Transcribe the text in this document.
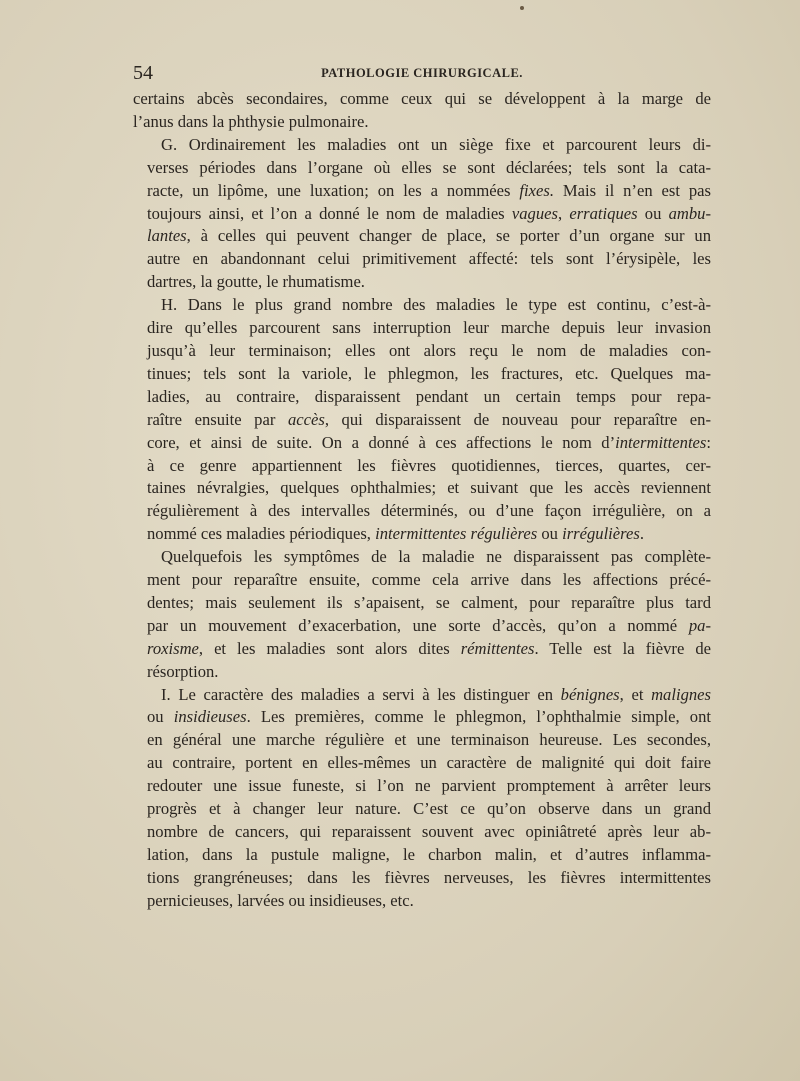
54	PATHOLOGIE CHIRURGICALE.
certains abcès secondaires, comme ceux qui se développent à la marge de
l’anus dans la phthysie pulmonaire.
G. Ordinairement les maladies ont un siège fixe et parcourent leurs di-
verses périodes dans l’organe où elles se sont déclarées; tels sont la cata-
racte, un lipôme, une luxation; on les a nommées fixes. Mais il n’en est pas
toujours ainsi, et l’on a donné le nom de maladies vagues, erratiques ou ambu-
lantes, à celles qui peuvent changer de place, se porter d’un organe sur un
autre en abandonnant celui primitivement affecté: tels sont l’érysipèle, les
dartres, la goutte, le rhumatisme.
H. Dans le plus grand nombre des maladies le type est continu, c’est-à-
dire qu’elles parcourent sans interruption leur marche depuis leur invasion
jusqu’à leur terminaison; elles ont alors reçu le nom de maladies con-
tinues; tels sont la variole, le phlegmon, les fractures, etc. Quelques ma-
ladies, au contraire, disparaissent pendant un certain temps pour repa-
raître ensuite par accès, qui disparaissent de nouveau pour reparaître en-
core, et ainsi de suite. On a donné à ces affections le nom d’intermittentes:
à ce genre appartiennent les fièvres quotidiennes, tierces, quartes, cer-
taines névralgies, quelques ophthalmies; et suivant que les accès reviennent
régulièrement à des intervalles déterminés, ou d’une façon irrégulière, on a
nommé ces maladies périodiques, intermittentes régulières ou irrégulières.
Quelquefois les symptômes de la maladie ne disparaissent pas complète-
ment pour reparaître ensuite, comme cela arrive dans les affections précé-
dentes; mais seulement ils s’apaisent, se calment, pour reparaître plus tard
par un mouvement d’exacerbation, une sorte d’accès, qu’on a nommé pa-
roxisme, et les maladies sont alors dites rémittentes. Telle est la fièvre de
résorption.
I. Le caractère des maladies a servi à les distinguer en bénignes, et malignes
ou insidieuses. Les premières, comme le phlegmon, l’ophthalmie simple, ont
en général une marche régulière et une terminaison heureuse. Les secondes,
au contraire, portent en elles-mêmes un caractère de malignité qui doit faire
redouter une issue funeste, si l’on ne parvient promptement à arrêter leurs
progrès et à changer leur nature. C’est ce qu’on observe dans un grand
nombre de cancers, qui reparaissent souvent avec opiniâtreté après leur ab-
lation, dans la pustule maligne, le charbon malin, et d’autres inflamma-
tions grangréneuses; dans les fièvres nerveuses, les fièvres intermittentes
pernicieuses, larvées ou insidieuses, etc.
